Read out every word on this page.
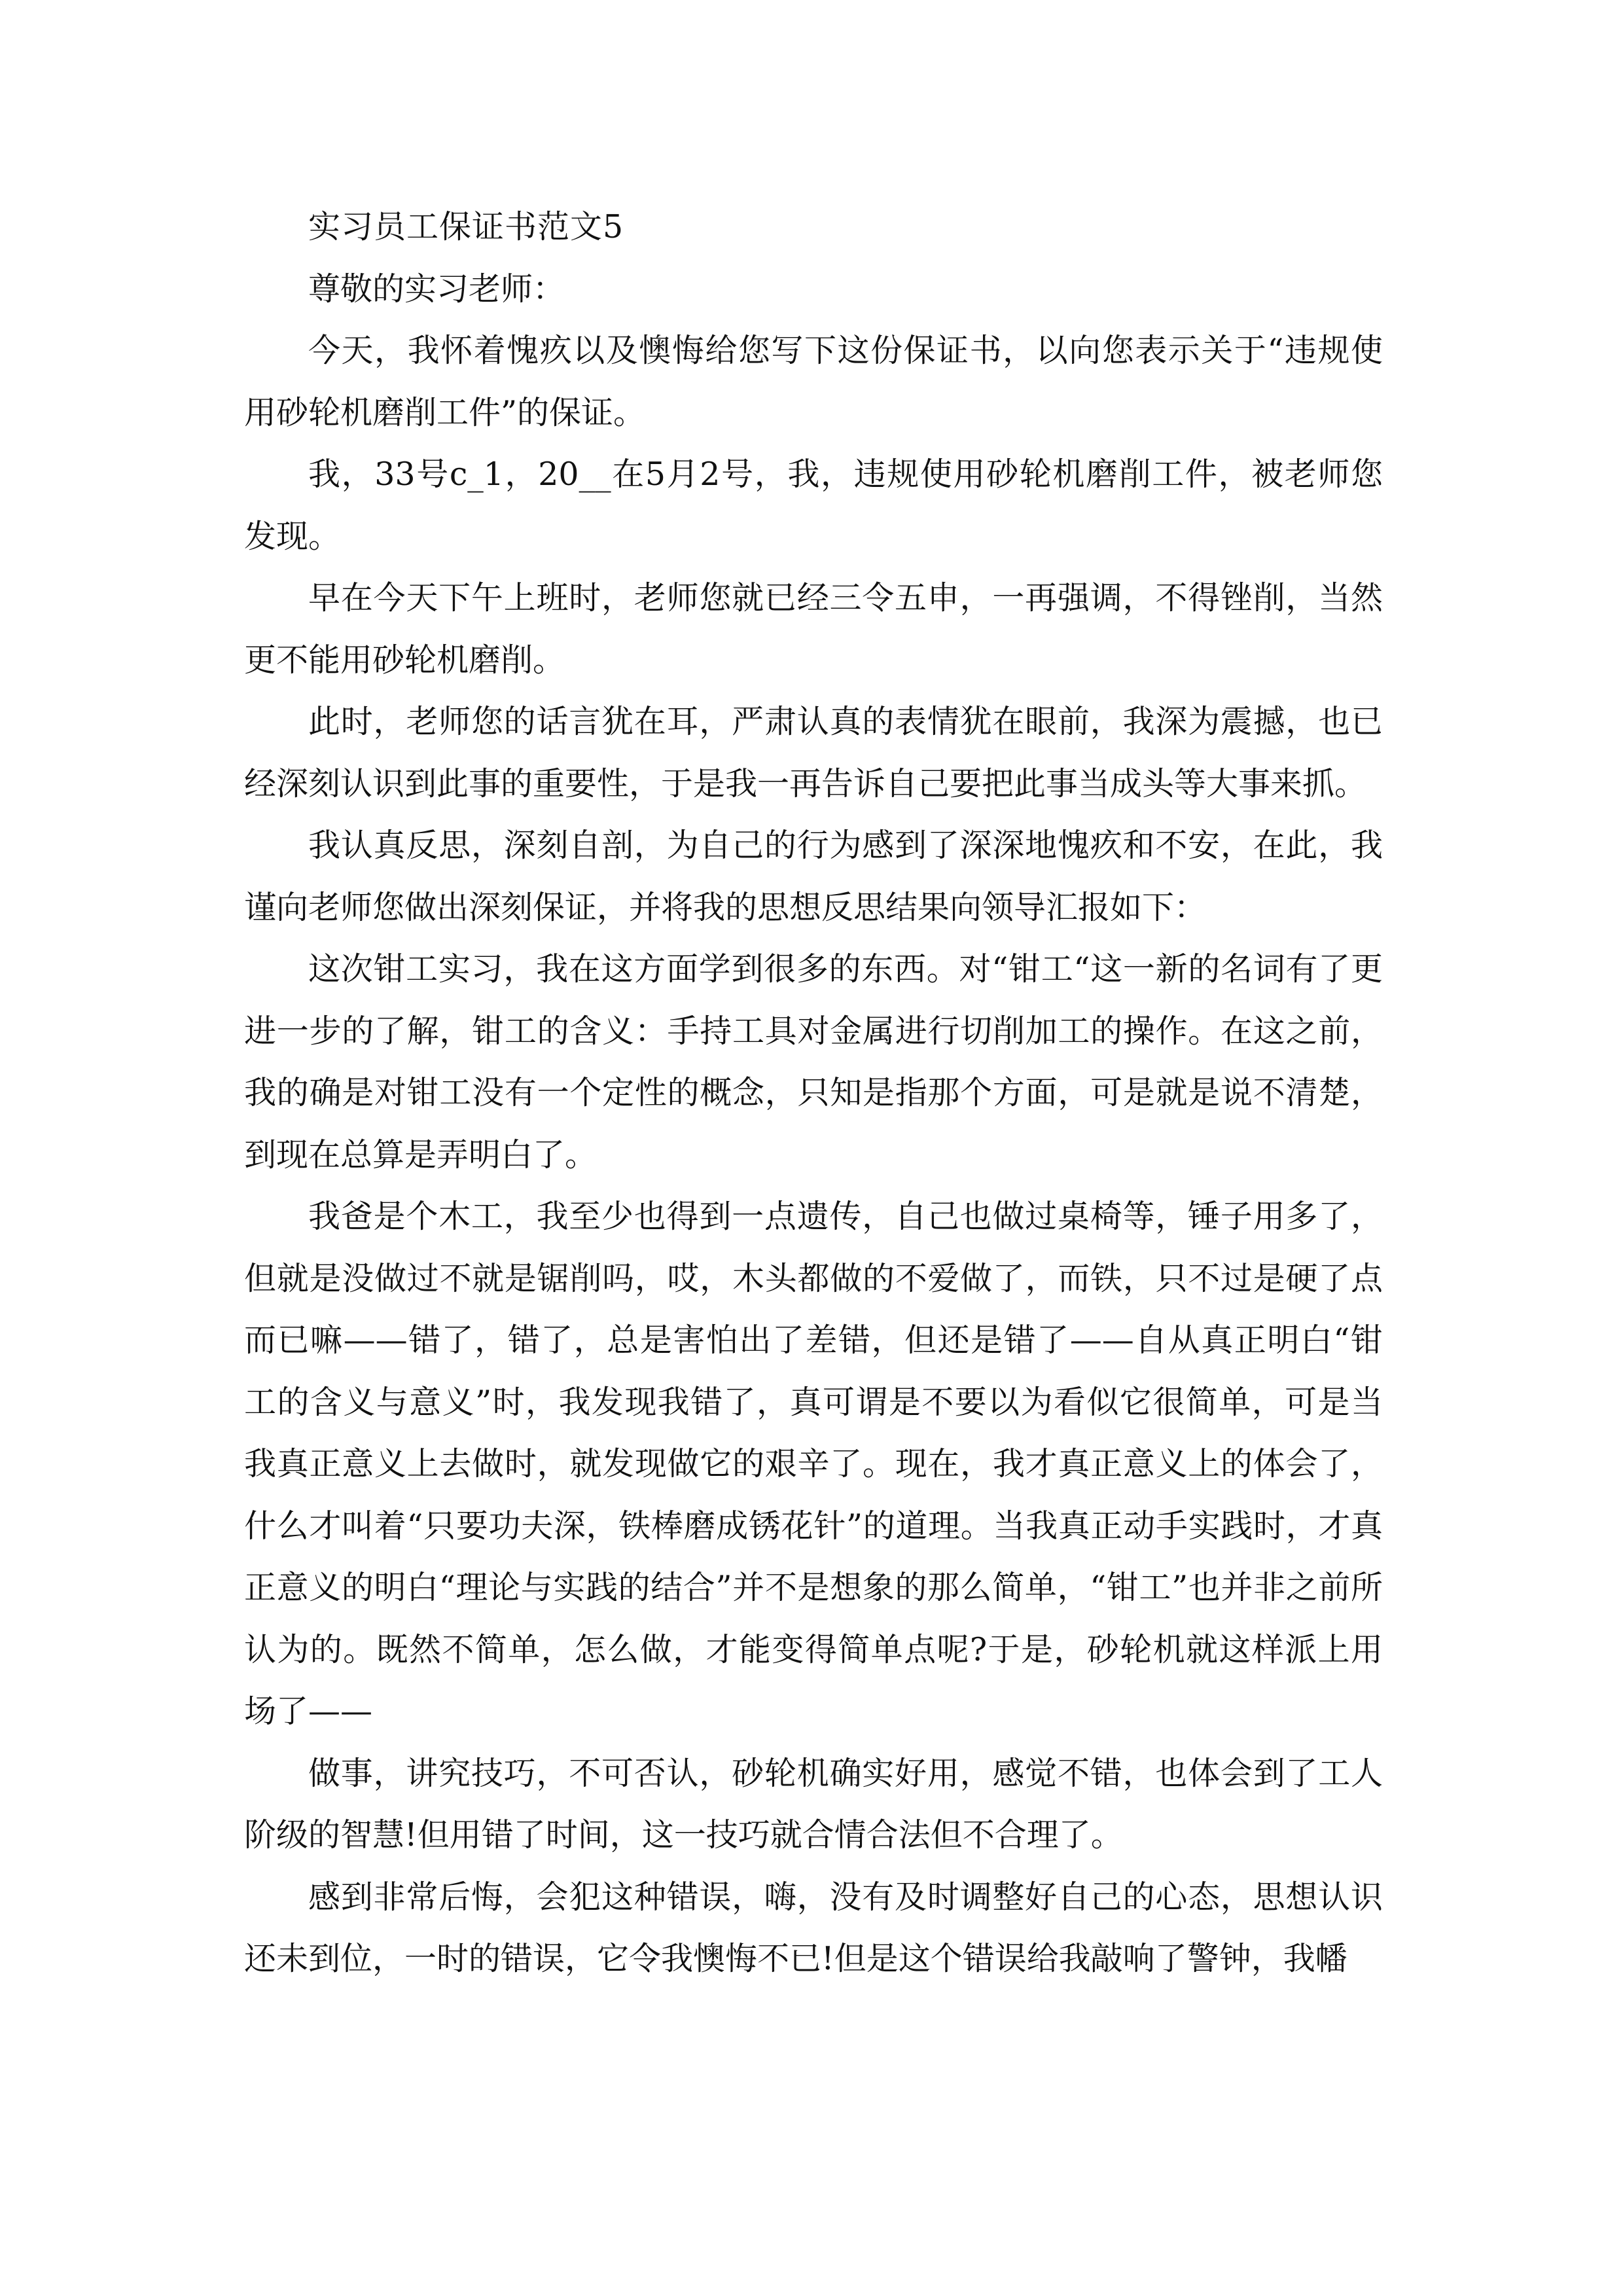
实习员工保证书范文5

尊敬的实习老师：

今天，我怀着愧疚以及懊悔给您写下这份保证书，以向您表示关于“违规使用砂轮机磨削工件”的保证。

我，33号c_1，20__在5月2号，我，违规使用砂轮机磨削工件，被老师您发现。

早在今天下午上班时，老师您就已经三令五申，一再强调，不得锉削，当然更不能用砂轮机磨削。

此时，老师您的话言犹在耳，严肃认真的表情犹在眼前，我深为震撼，也已经深刻认识到此事的重要性，于是我一再告诉自己要把此事当成头等大事来抓。

我认真反思，深刻自剖，为自己的行为感到了深深地愧疚和不安，在此，我谨向老师您做出深刻保证，并将我的思想反思结果向领导汇报如下：

这次钳工实习，我在这方面学到很多的东西。对“钳工“这一新的名词有了更进一步的了解，钳工的含义：手持工具对金属进行切削加工的操作。在这之前，我的确是对钳工没有一个定性的概念，只知是指那个方面，可是就是说不清楚，到现在总算是弄明白了。

我爸是个木工，我至少也得到一点遗传，自己也做过桌椅等，锤子用多了，但就是没做过不就是锯削吗，哎，木头都做的不爱做了，而铁，只不过是硬了点而已嘛——错了，错了，总是害怕出了差错，但还是错了——自从真正明白“钳工的含义与意义”时，我发现我错了，真可谓是不要以为看似它很简单，可是当我真正意义上去做时，就发现做它的艰辛了。现在，我才真正意义上的体会了，什么才叫着“只要功夫深，铁棒磨成锈花针”的道理。当我真正动手实践时，才真正意义的明白“理论与实践的结合”并不是想象的那么简单，“钳工”也并非之前所认为的。既然不简单，怎么做，才能变得简单点呢?于是，砂轮机就这样派上用场了——

做事，讲究技巧，不可否认，砂轮机确实好用，感觉不错，也体会到了工人阶级的智慧!但用错了时间，这一技巧就合情合法但不合理了。

感到非常后悔，会犯这种错误，嗨，没有及时调整好自己的心态，思想认识还未到位，一时的错误，它令我懊悔不已!但是这个错误给我敲响了警钟，我幡
